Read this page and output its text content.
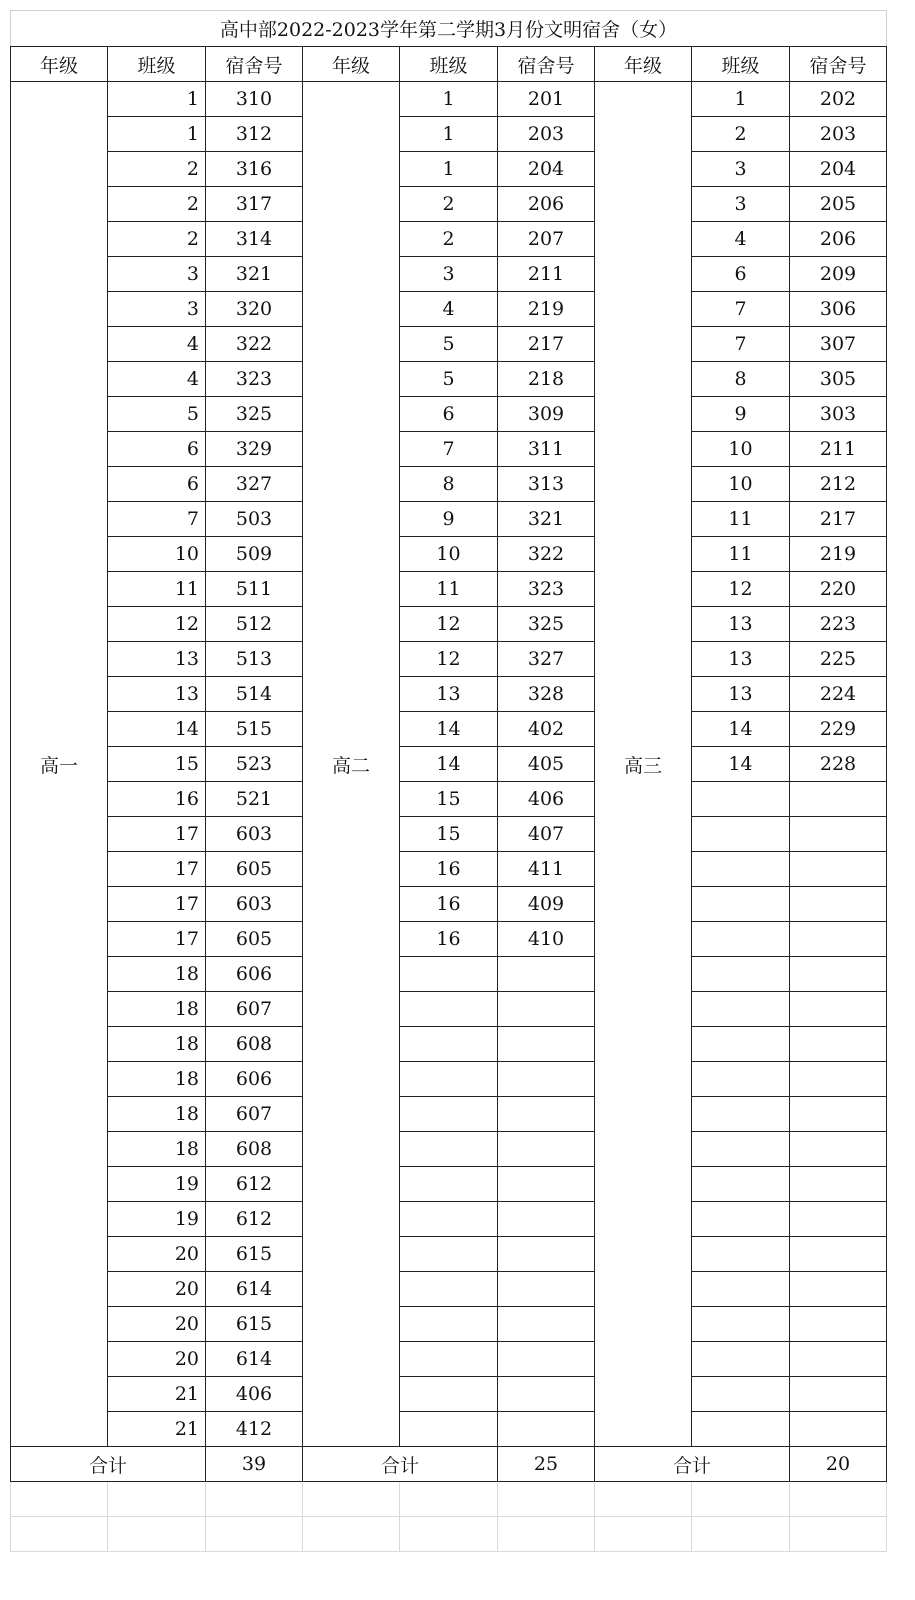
高中部2022-2023学年第二学期3月份文明宿舍（女）								
年级	班级	宿舍号	年级	班级	宿舍号	年级	班级	宿舍号
高一	1	310	高二	1	201	高三	1	202
	1	312		1	203		2	203
	2	316		1	204		3	204
	2	317		2	206		3	205
	2	314		2	207		4	206
	3	321		3	211		6	209
	3	320		4	219		7	306
	4	322		5	217		7	307
	4	323		5	218		8	305
	5	325		6	309		9	303
	6	329		7	311		10	211
	6	327		8	313		10	212
	7	503		9	321		11	217
	10	509		10	322		11	219
	11	511		11	323		12	220
	12	512		12	325		13	223
	13	513		12	327		13	225
	13	514		13	328		13	224
	14	515		14	402		14	229
	15	523		14	405		14	228
	16	521		15	406			
	17	603		15	407			
	17	605		16	411			
	17	603		16	409			
	17	605		16	410			
	18	606						
	18	607						
	18	608						
	18	606						
	18	607						
	18	608						
	19	612						
	19	612						
	20	615						
	20	614						
	20	615						
	20	614						
	21	406						
	21	412						
合计		39	合计		25	合计		20
